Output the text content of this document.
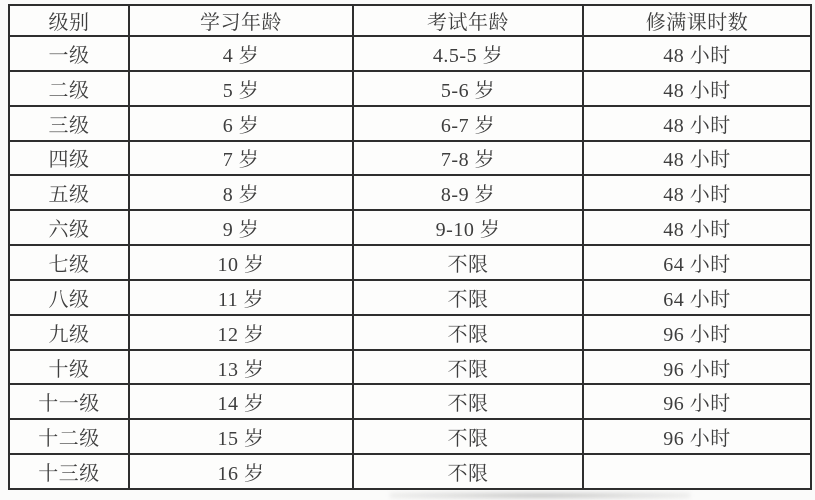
级别	学习年龄	考试年龄	修满课时数
一级	4 岁	4.5-5 岁	48 小时
二级	5 岁	5-6 岁	48 小时
三级	6 岁	6-7 岁	48 小时
四级	7 岁	7-8 岁	48 小时
五级	8 岁	8-9 岁	48 小时
六级	9 岁	9-10 岁	48 小时
七级	10 岁	不限	64 小时
八级	11 岁	不限	64 小时
九级	12 岁	不限	96 小时
十级	13 岁	不限	96 小时
十一级	14 岁	不限	96 小时
十二级	15 岁	不限	96 小时
十三级	16 岁	不限	
